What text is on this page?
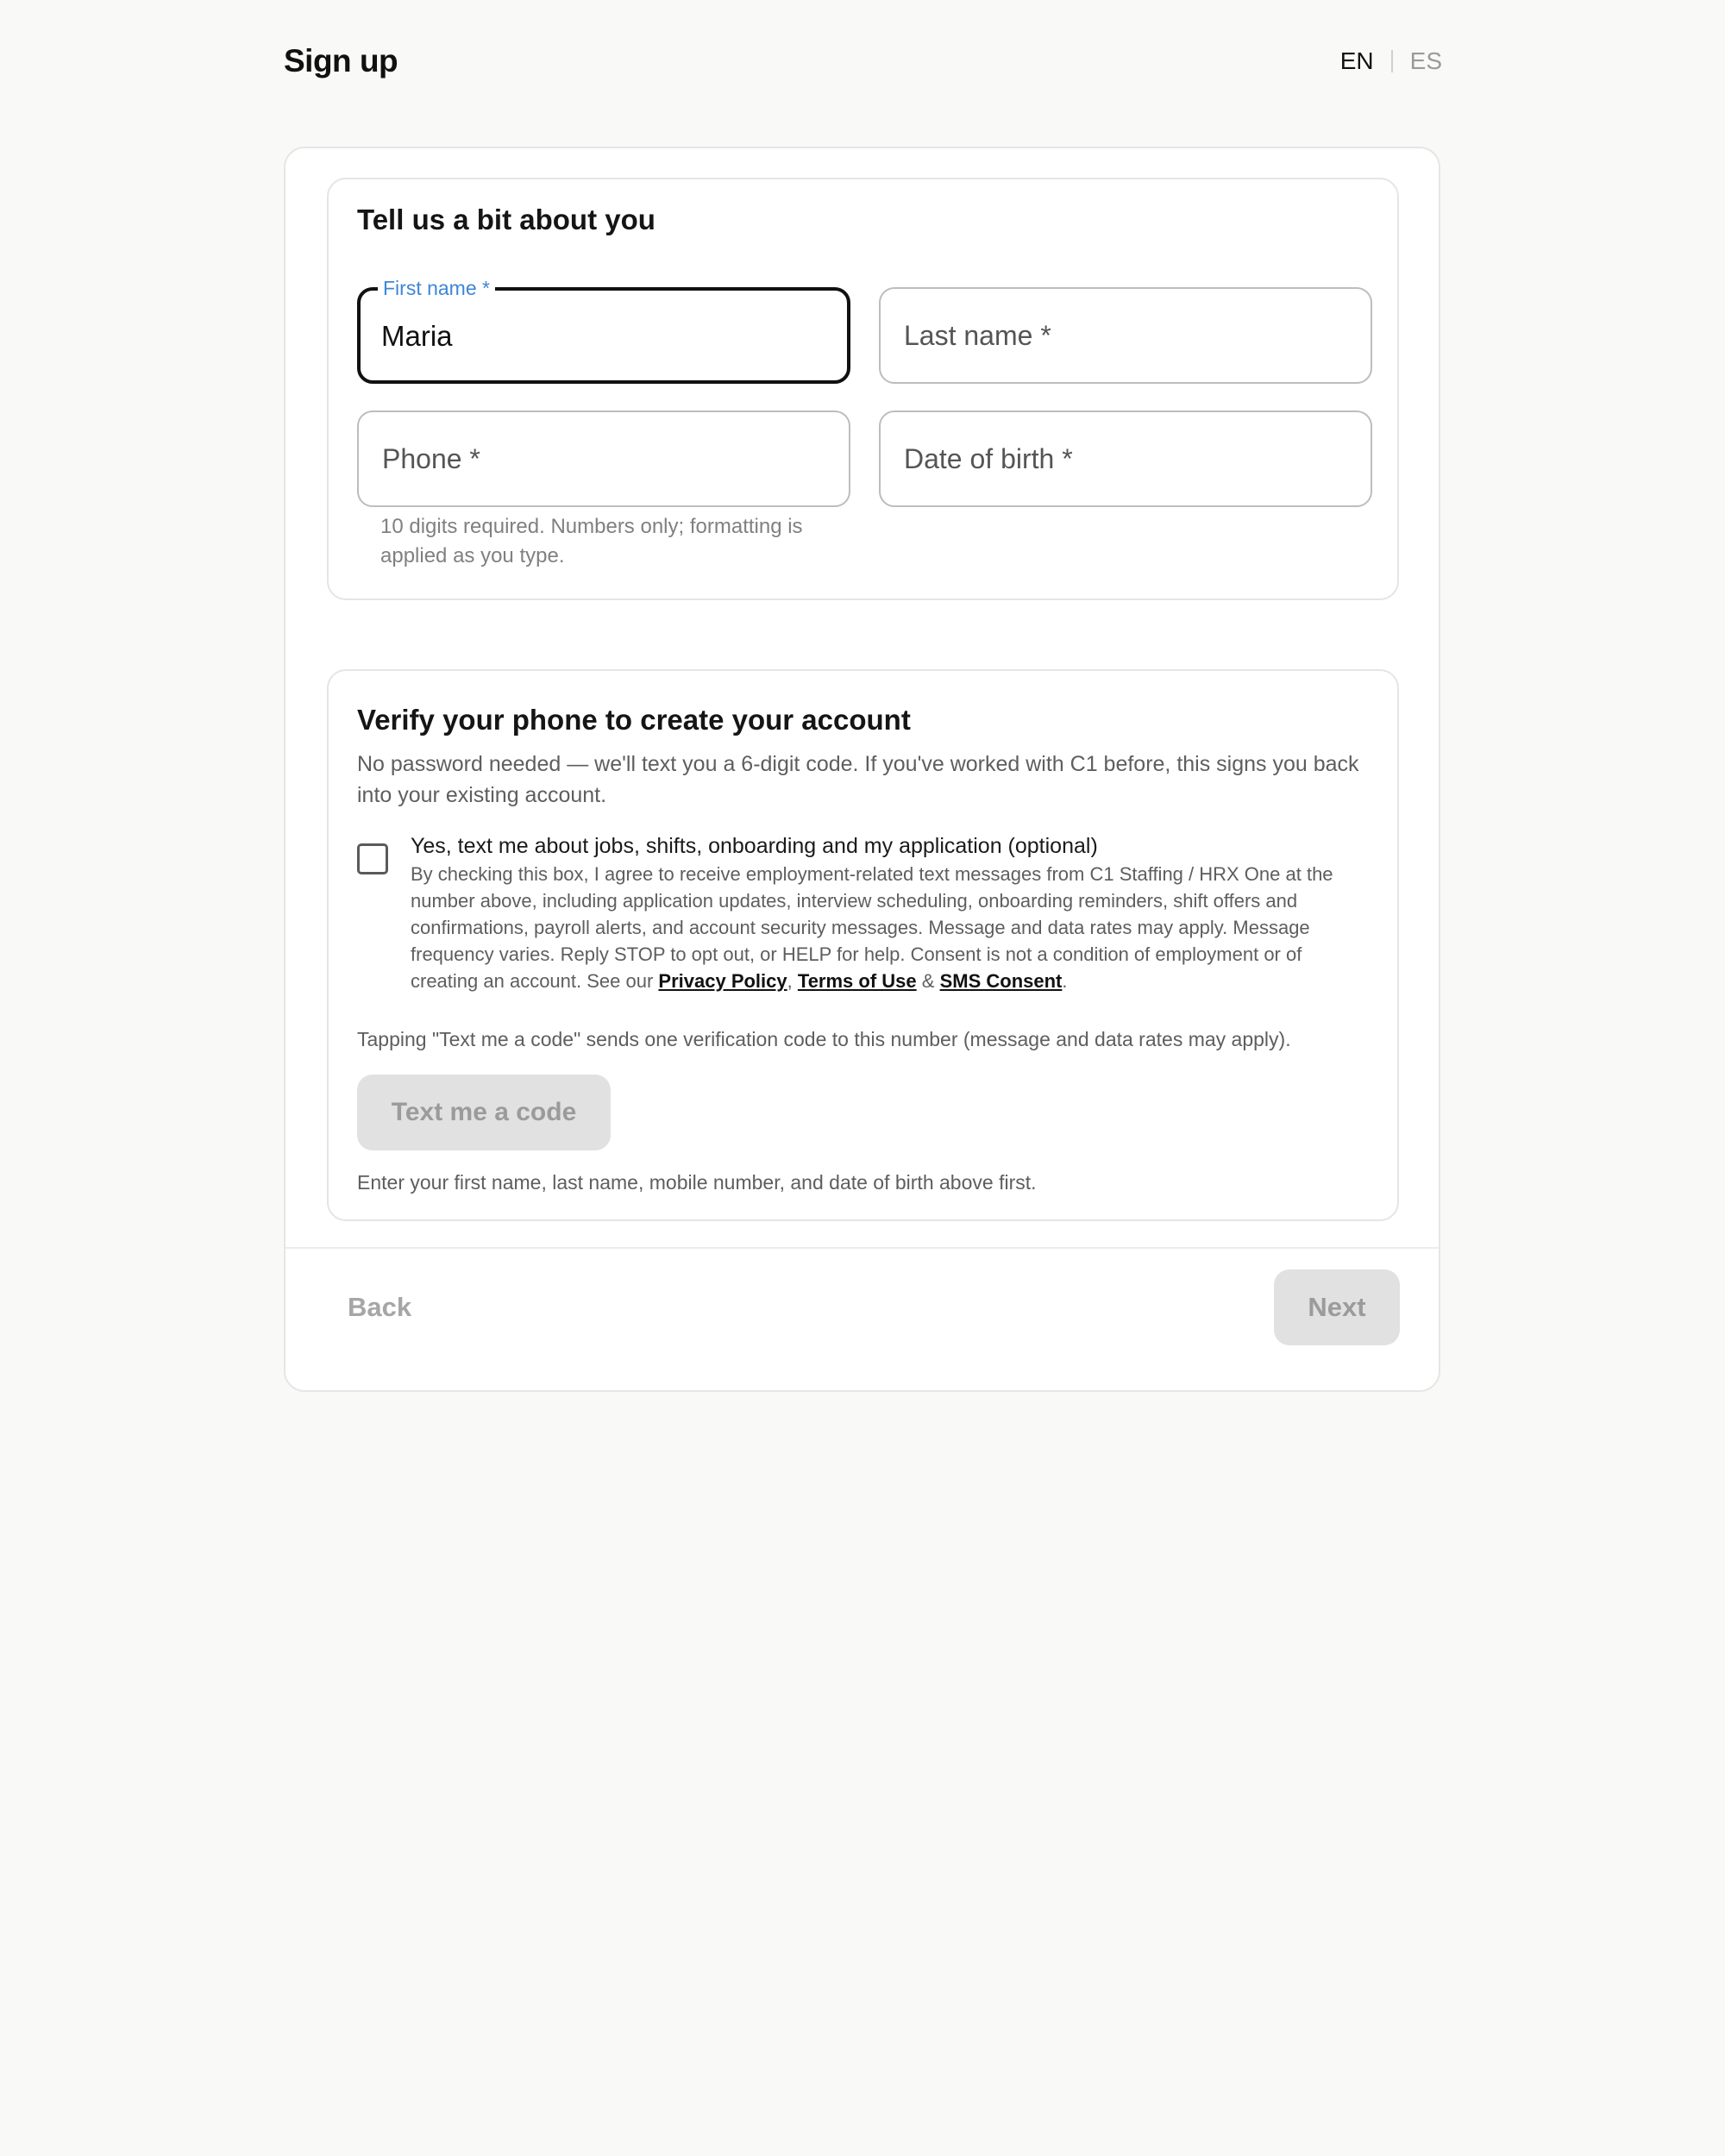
Sign up	EN ES
Tell us a bit about you
First name *
Maria	Last name *
Phone *	Date of birth *
10 digits required. Numbers only; formatting is applied as you type.
Verify your phone to create your account
No password needed — we'll text you a 6-digit code. If you've worked with C1 before, this signs you back into your existing account.
Yes, text me about jobs, shifts, onboarding and my application (optional)
By checking this box, I agree to receive employment-related text messages from C1 Staffing / HRX One at the number above, including application updates, interview scheduling, onboarding reminders, shift offers and confirmations, payroll alerts, and account security messages. Message and data rates may apply. Message frequency varies. Reply STOP to opt out, or HELP for help. Consent is not a condition of employment or of creating an account. See our Privacy Policy, Terms of Use & SMS Consent.
Tapping "Text me a code" sends one verification code to this number (message and data rates may apply).
Text me a code
Enter your first name, last name, mobile number, and date of birth above first.
Back	Next
